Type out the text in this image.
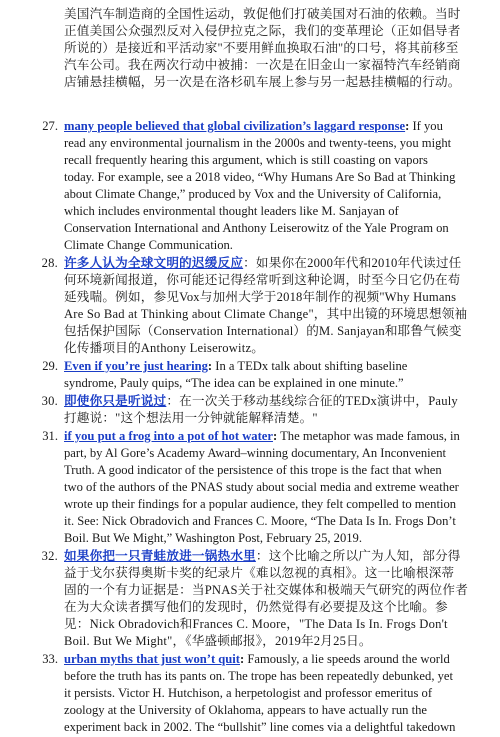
美国汽车制造商的全国性运动，敦促他们打破美国对石油的依赖。当时
正值美国公众强烈反对入侵伊拉克之际，我们的变革理论（正如倡导者
所说的）是接近和平活动家"不要用鲜血换取石油"的口号，将其前移至
汽车公司。我在两次行动中被捕：一次是在旧金山一家福特汽车经销商
店铺悬挂横幅，另一次是在洛杉矶车展上参与另一起悬挂横幅的行动。
27. many people believed that global civilization’s laggard response: If you
read any environmental journalism in the 2000s and twenty-teens, you might
recall frequently hearing this argument, which is still coasting on vapors
today. For example, see a 2018 video, “Why Humans Are So Bad at Thinking
about Climate Change,” produced by Vox and the University of California,
which includes environmental thought leaders like M. Sanjayan of
Conservation International and Anthony Leiserowitz of the Yale Program on
Climate Change Communication.
28. 许多人认为全球文明的迟缓反应：如果你在2000年代和2010年代读过任
何环境新闻报道，你可能还记得经常听到这种论调，时至今日它仍在苟
延残喘。例如，参见Vox与加州大学于2018年制作的视频"Why Humans
Are So Bad at Thinking about Climate Change"，其中出镜的环境思想领袖
包括保护国际（Conservation International）的M. Sanjayan和耶鲁气候变
化传播项目的Anthony Leiserowitz。
29. Even if you’re just hearing: In a TEDx talk about shifting baseline
syndrome, Pauly quips, “The idea can be explained in one minute.”
30. 即使你只是听说过：在一次关于移动基线综合征的TEDx演讲中，Pauly
打趣说："这个想法用一分钟就能解释清楚。"
31. if you put a frog into a pot of hot water: The metaphor was made famous, in
part, by Al Gore’s Academy Award–winning documentary, An Inconvenient
Truth. A good indicator of the persistence of this trope is the fact that when
two of the authors of the PNAS study about social media and extreme weather
wrote up their findings for a popular audience, they felt compelled to mention
it. See: Nick Obradovich and Frances C. Moore, “The Data Is In. Frogs Don’t
Boil. But We Might,” Washington Post, February 25, 2019.
32. 如果你把一只青蛙放进一锅热水里：这个比喻之所以广为人知，部分得
益于戈尔获得奥斯卡奖的纪录片《难以忽视的真相》。这一比喻根深蒂
固的一个有力证据是：当PNAS关于社交媒体和极端天气研究的两位作者
在为大众读者撰写他们的发现时，仍然觉得有必要提及这个比喻。参
见：Nick Obradovich和Frances C. Moore，"The Data Is In. Frogs Don't
Boil. But We Might"，《华盛顿邮报》，2019年2月25日。
33. urban myths that just won’t quit: Famously, a lie speeds around the world
before the truth has its pants on. The trope has been repeatedly debunked, yet
it persists. Victor H. Hutchison, a herpetologist and professor emeritus of
zoology at the University of Oklahoma, appears to have actually run the
experiment back in 2002. The “bullshit” line comes via a delightful takedown
